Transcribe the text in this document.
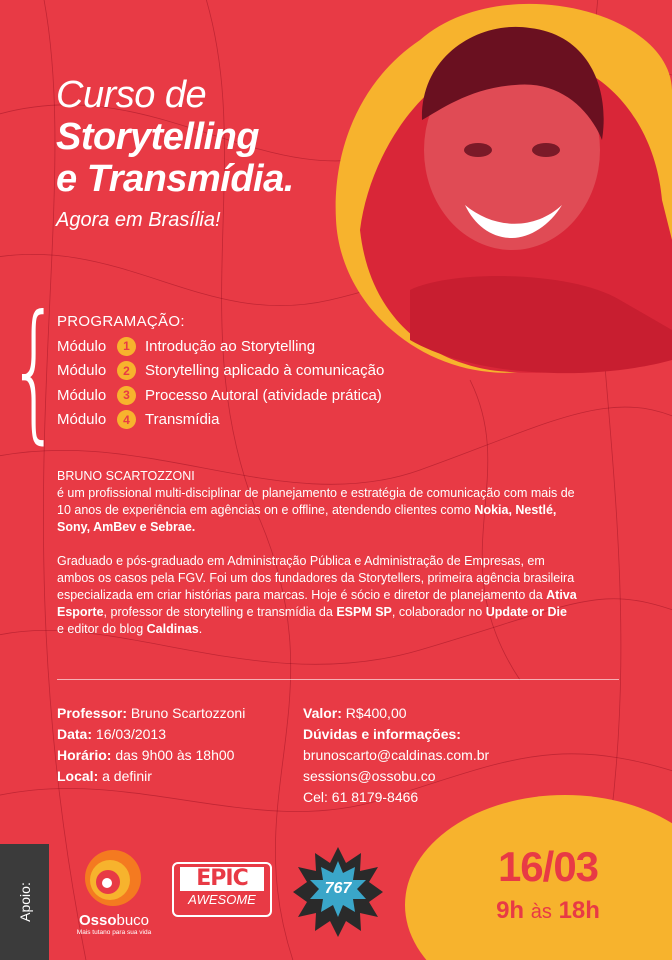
Curso de
Storytelling
e Transmídia.
Agora em Brasília!
{
PROGRAMAÇÃO:
Módulo	1	Introdução ao Storytelling
Módulo	2	Storytelling aplicado à comunicação
Módulo	3	Processo Autoral (atividade prática)
Módulo	4	Transmídia

BRUNO SCARTOZZONI

é um profissional multi-disciplinar de planejamento e estratégia de comunicação com mais de 10 anos de experiência em agências on e offline, atendendo clientes como Nokia, Nestlé, Sony, AmBev e Sebrae.

Graduado e pós-graduado em Administração Pública e Administração de Empresas, em ambos os casos pela FGV. Foi um dos fundadores da Storytellers, primeira agência brasileira especializada em criar histórias para marcas. Hoje é sócio e diretor de planejamento da Ativa Esporte, professor de storytelling e transmídia da ESPM SP, colaborador no Update or Die e editor do blog Caldinas.

Professor: Bruno Scartozzoni
Data: 16/03/2013
Horário: das 9h00 às 18h00
Local: a definir
Valor: R$400,00
Dúvidas e informações:
brunoscarto@caldinas.com.br
sessions@ossobu.co
Cel: 61 8179-8466
16/03
9h às 18h
Apoio:	Ossobuco
Mais tutano para sua vida
EPIC
AWESOME
767
